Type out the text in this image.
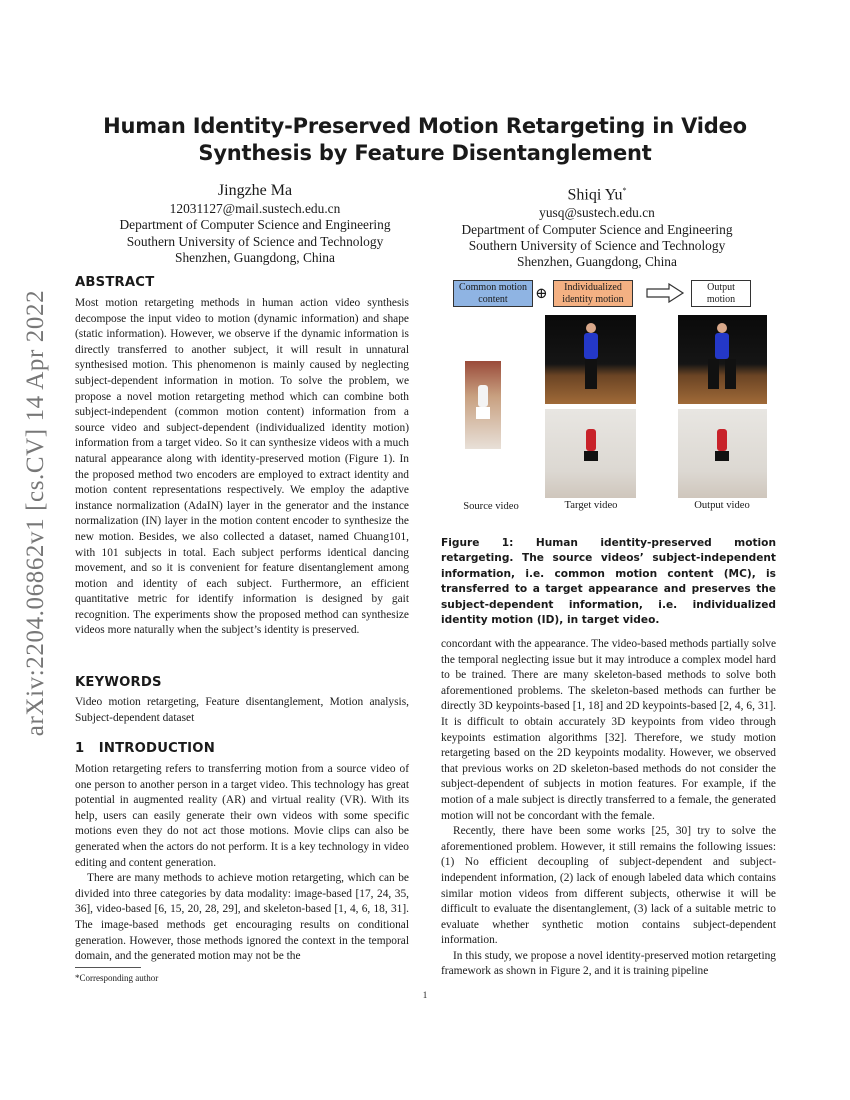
Human Identity-Preserved Motion Retargeting in Video
Synthesis by Feature Disentanglement
Jingzhe Ma
12031127@mail.sustech.edu.cn
Department of Computer Science and Engineering
Southern University of Science and Technology
Shenzhen, Guangdong, China
Shiqi Yu*
yusq@sustech.edu.cn
Department of Computer Science and Engineering
Southern University of Science and Technology
Shenzhen, Guangdong, China
arXiv:2204.06862v1 [cs.CV] 14 Apr 2022
ABSTRACT

Most motion retargeting methods in human action video synthesis decompose the input video to motion (dynamic information) and shape (static information). However, we observe if the dynamic information is directly transferred to another subject, it will result in unnatural synthesised motion. This phenomenon is mainly caused by neglecting subject-dependent information in motion. To solve the problem, we propose a novel motion retargeting method which can combine both subject-independent (common motion content) information from a source video and subject-dependent (individualized identity motion) information from a target video. So it can synthesize videos with a much natural appearance along with identity-preserved motion (Figure 1). In the proposed method two encoders are employed to extract identity and motion content representations respectively. We employ the adaptive instance normalization (AdaIN) layer in the generator and the instance normalization (IN) layer in the motion content encoder to synthesize the new motion. Besides, we also collected a dataset, named Chuang101, with 101 subjects in total. Each subject performs identical dancing movement, and so it is convenient for feature disentanglement among motion and identity of each subject. Furthermore, an efficient quantitative metric for identify information is designed by gait recognition. The experiments show the proposed method can synthesize videos more naturally when the subject’s identity is preserved.

KEYWORDS

Video motion retargeting, Feature disentanglement, Motion analysis, Subject-dependent dataset

1   INTRODUCTION

Motion retargeting refers to transferring motion from a source video of one person to another person in a target video. This technology has great potential in augmented reality (AR) and virtual reality (VR). With its help, users can easily generate their own videos with some specific motions even they do not act those motions. Movie clips can also be generated when the actors do not perform. It is a key technology in video editing and content generation.

There are many methods to achieve motion retargeting, which can be divided into three categories by data modality: image-based [17, 24, 35, 36], video-based [6, 15, 20, 28, 29], and skeleton-based [1, 4, 6, 18, 31]. The image-based methods get encouraging results on conditional generation. However, those methods ignored the context in the temporal domain, and the generated motion may not be the

*Corresponding author
Common motion content	⊕	Individualized identity motion
Output motion
Source video	Target video	Output video
Figure 1: Human identity-preserved motion retargeting. The source videos’ subject-independent information, i.e. common motion content (MC), is transferred to a target appearance and preserves the subject-dependent information, i.e. individualized identity motion (ID), in target video.

concordant with the appearance. The video-based methods partially solve the temporal neglecting issue but it may introduce a complex model hard to be trained. There are many skeleton-based methods to solve both aforementioned problems. The skeleton-based methods can further be directly 3D keypoints-based [1, 18] and 2D keypoints-based [2, 4, 6, 31]. It is difficult to obtain accurately 3D keypoints from video through keypoints estimation algorithms [32]. Therefore, we study motion retargeting based on the 2D keypoints modality. However, we observed that previous works on 2D skeleton-based methods do not consider the subject-dependent of subjects in motion features. For example, if the motion of a male subject is directly transferred to a female, the generated motion will not be concordant with the female.

Recently, there have been some works [25, 30] try to solve the aforementioned problem. However, it still remains the following issues: (1) No efficient decoupling of subject-dependent and subject-independent information, (2) lack of enough labeled data which contains similar motion videos from different subjects, otherwise it will be difficult to evaluate the disentanglement, (3) lack of a suitable metric to evaluate whether synthetic motion contains subject-dependent information.

In this study, we propose a novel identity-preserved motion retargeting framework as shown in Figure 2, and it is training pipeline

1
